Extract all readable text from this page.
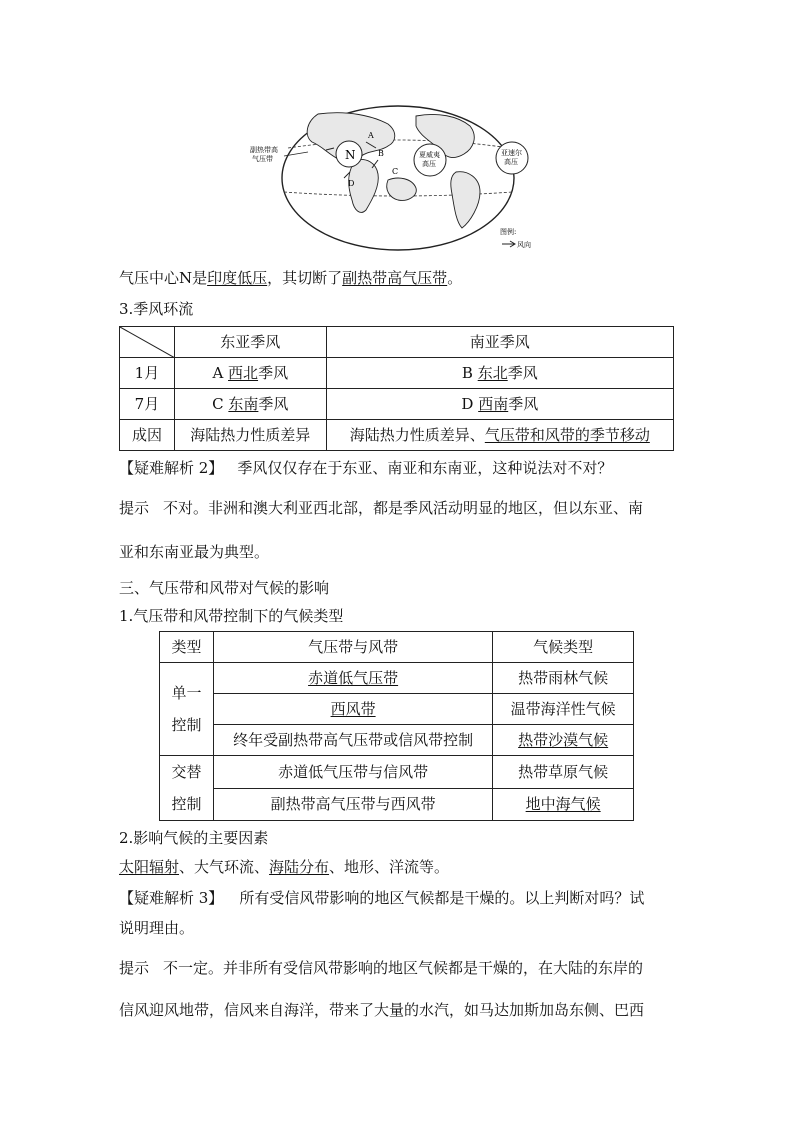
N	夏威夷
高压
亚速尔
高压
副热带高
气压带
A
B
C
D
图例:
风向
气压中心N是印度低压，其切断了副热带高气压带。
3.季风环流
	东亚季风	南亚季风
1月	A 西北季风	B 东北季风
7月	C 东南季风	D 西南季风
成因	海陆热力性质差异	海陆热力性质差异、气压带和风带的季节移动
【疑难解析 2】 季风仅仅存在于东亚、南亚和东南亚，这种说法对不对？
提示 不对。非洲和澳大利亚西北部，都是季风活动明显的地区，但以东亚、南
亚和东南亚最为典型。
三、气压带和风带对气候的影响
1.气压带和风带控制下的气候类型
类型	气压带与风带	气候类型

单一
控制	赤道低气压带	热带雨林气候
	西风带	温带海洋性气候
	终年受副热带高气压带或信风带控制	热带沙漠气候

交替
控制	赤道低气压带与信风带	热带草原气候
	副热带高气压带与西风带	地中海气候
2.影响气候的主要因素
太阳辐射、大气环流、海陆分布、地形、洋流等。
【疑难解析 3】 所有受信风带影响的地区气候都是干燥的。以上判断对吗？试
说明理由。
提示 不一定。并非所有受信风带影响的地区气候都是干燥的，在大陆的东岸的
信风迎风地带，信风来自海洋，带来了大量的水汽，如马达加斯加岛东侧、巴西
